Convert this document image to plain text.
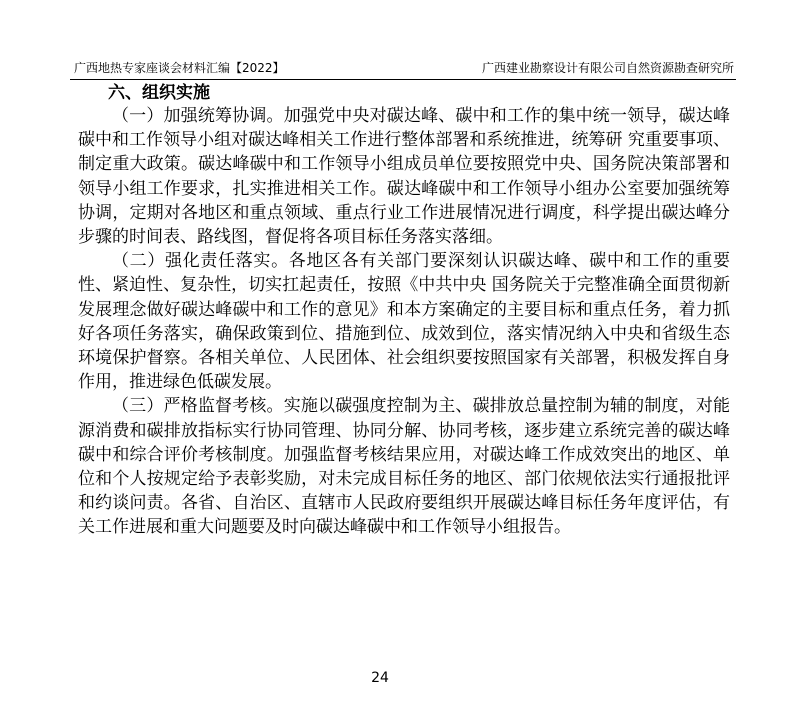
广西地热专家座谈会材料汇编【2022】	广西建业勘察设计有限公司自然资源勘查研究所
六、组织实施

（一）加强统筹协调。加强党中央对碳达峰、碳中和工作的集中统一领导，碳达峰碳中和工作领导小组对碳达峰相关工作进行整体部署和系统推进，统筹研 究重要事项、制定重大政策。碳达峰碳中和工作领导小组成员单位要按照党中央、国务院决策部署和领导小组工作要求，扎实推进相关工作。碳达峰碳中和工作领导小组办公室要加强统筹协调，定期对各地区和重点领域、重点行业工作进展情况进行调度，科学提出碳达峰分步骤的时间表、路线图，督促将各项目标任务落实落细。

（二）强化责任落实。各地区各有关部门要深刻认识碳达峰、碳中和工作的重要性、紧迫性、复杂性，切实扛起责任，按照《中共中央 国务院关于完整准确全面贯彻新发展理念做好碳达峰碳中和工作的意见》和本方案确定的主要目标和重点任务，着力抓好各项任务落实，确保政策到位、措施到位、成效到位，落实情况纳入中央和省级生态环境保护督察。各相关单位、人民团体、社会组织要按照国家有关部署，积极发挥自身作用，推进绿色低碳发展。

（三）严格监督考核。实施以碳强度控制为主、碳排放总量控制为辅的制度，对能源消费和碳排放指标实行协同管理、协同分解、协同考核，逐步建立系统完善的碳达峰碳中和综合评价考核制度。加强监督考核结果应用，对碳达峰工作成效突出的地区、单位和个人按规定给予表彰奖励，对未完成目标任务的地区、部门依规依法实行通报批评和约谈问责。各省、自治区、直辖市人民政府要组织开展碳达峰目标任务年度评估，有关工作进展和重大问题要及时向碳达峰碳中和工作领导小组报告。

24
